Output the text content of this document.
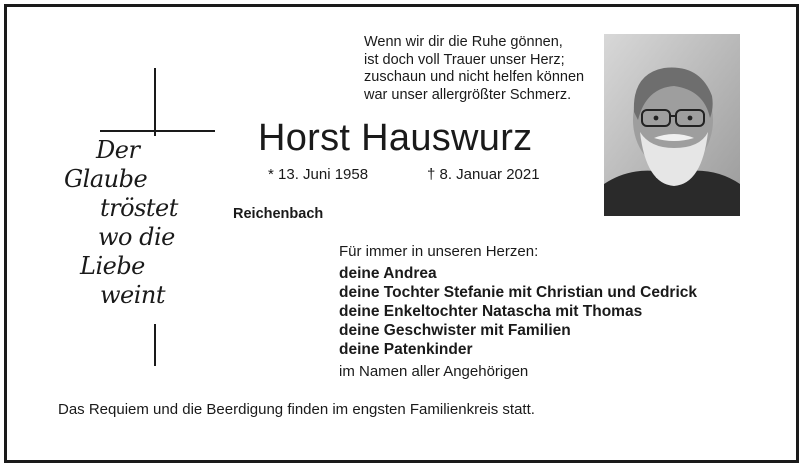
Der
Glaube
tröstet
wo die
Liebe
weint
Wenn wir dir die Ruhe gönnen,
ist doch voll Trauer unser Herz;
zuschaun und nicht helfen können
war unser allergrößter Schmerz.
Horst Hauswurz
* 13. Juni 1958	† 8. Januar 2021
Reichenbach
Für immer in unseren Herzen:
deine Andrea
deine Tochter Stefanie mit Christian und Cedrick
deine Enkeltochter Natascha mit Thomas
deine Geschwister mit Familien
deine Patenkinder
im Namen aller Angehörigen
Das Requiem und die Beerdigung finden im engsten Familienkreis statt.
